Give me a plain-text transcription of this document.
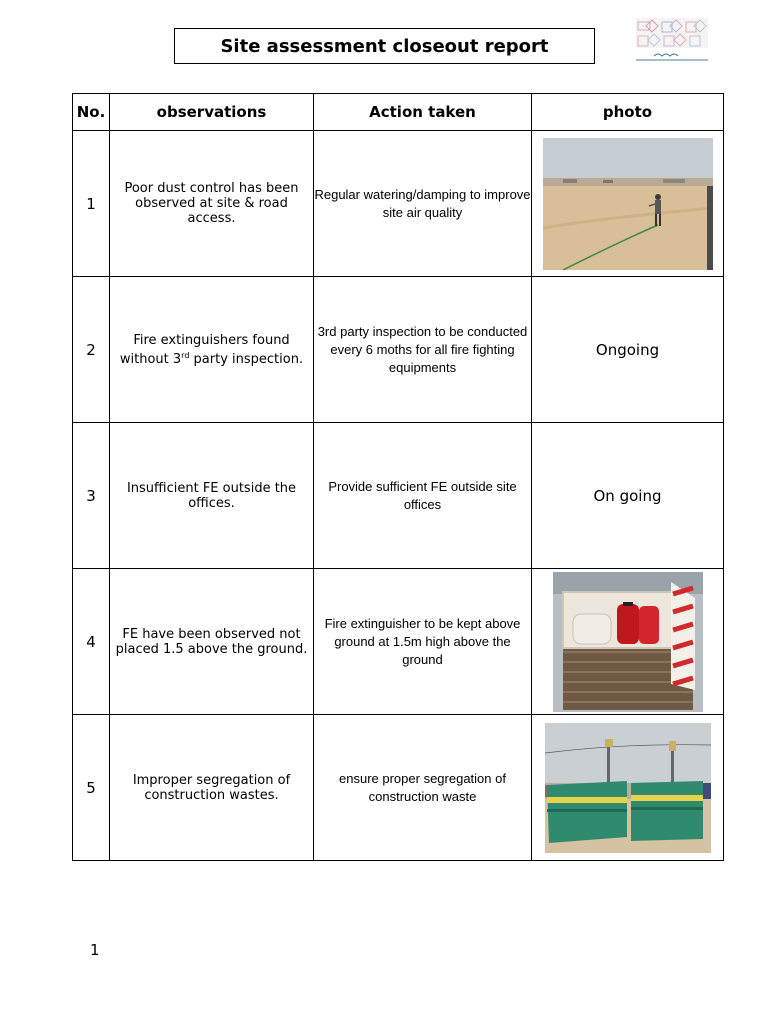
Site assessment closeout report
No.	observations	Action taken	photo
1	Poor dust control has been observed at site & road access.	Regular watering/damping to improve site air quality	

2	Fire extinguishers found without 3rd party inspection.	3rd party inspection to be conducted every 6 moths for all fire fighting equipments	Ongoing
3	Insufficient FE outside the offices.	Provide sufficient FE outside site offices	On going
4	FE have been observed not placed 1.5 above the ground.	Fire extinguisher to be kept above ground at 1.5m high above the ground	

5	Improper segregation of construction wastes.	ensure proper segregation of construction waste	
1
